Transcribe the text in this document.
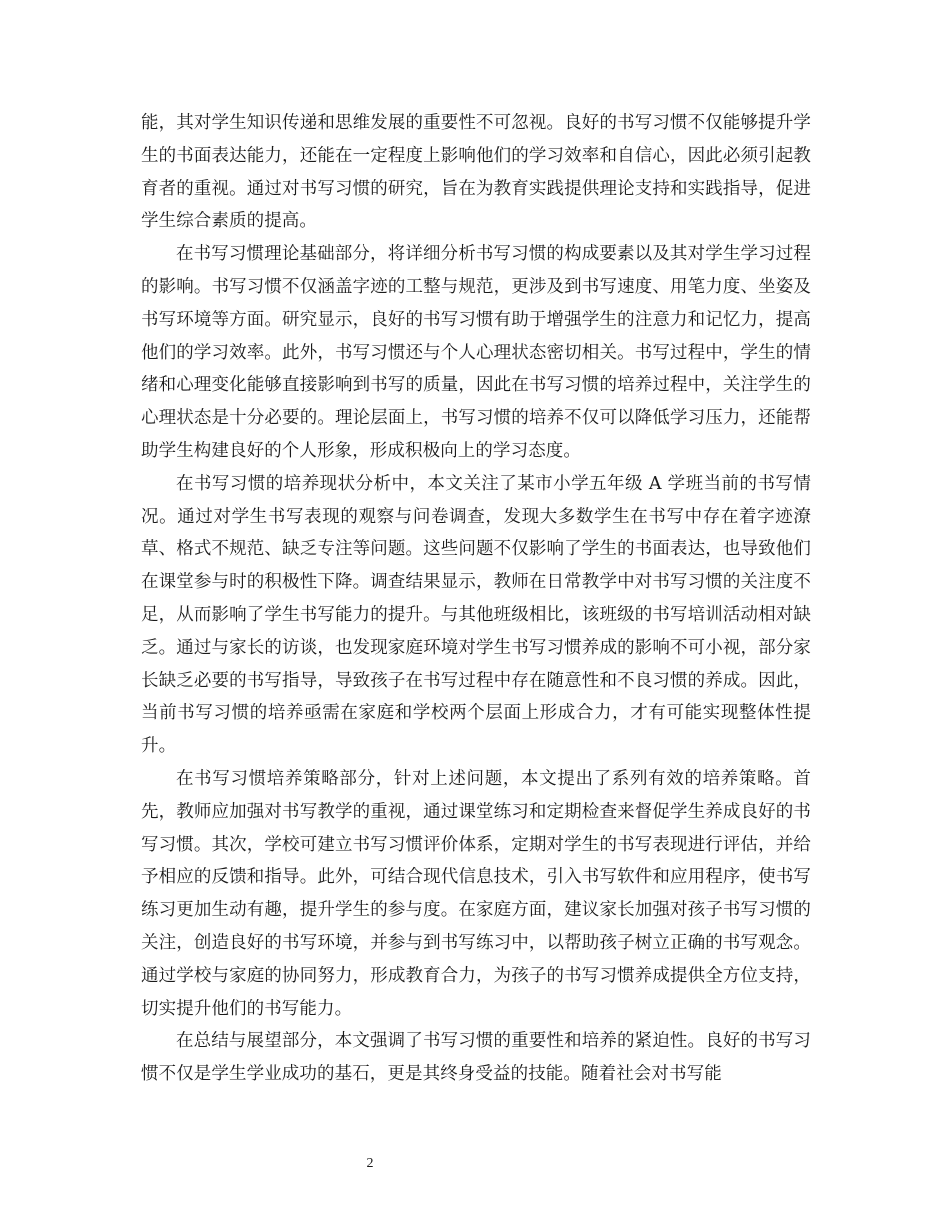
能，其对学生知识传递和思维发展的重要性不可忽视。良好的书写习惯不仅能够提升学生的书面表达能力，还能在一定程度上影响他们的学习效率和自信心，因此必须引起教育者的重视。通过对书写习惯的研究，旨在为教育实践提供理论支持和实践指导，促进学生综合素质的提高。

在书写习惯理论基础部分，将详细分析书写习惯的构成要素以及其对学生学习过程的影响。书写习惯不仅涵盖字迹的工整与规范，更涉及到书写速度、用笔力度、坐姿及书写环境等方面。研究显示，良好的书写习惯有助于增强学生的注意力和记忆力，提高他们的学习效率。此外，书写习惯还与个人心理状态密切相关。书写过程中，学生的情绪和心理变化能够直接影响到书写的质量，因此在书写习惯的培养过程中，关注学生的心理状态是十分必要的。理论层面上，书写习惯的培养不仅可以降低学习压力，还能帮助学生构建良好的个人形象，形成积极向上的学习态度。

在书写习惯的培养现状分析中，本文关注了某市小学五年级 A 学班当前的书写情况。通过对学生书写表现的观察与问卷调查，发现大多数学生在书写中存在着字迹潦草、格式不规范、缺乏专注等问题。这些问题不仅影响了学生的书面表达，也导致他们在课堂参与时的积极性下降。调查结果显示，教师在日常教学中对书写习惯的关注度不足，从而影响了学生书写能力的提升。与其他班级相比，该班级的书写培训活动相对缺乏。通过与家长的访谈，也发现家庭环境对学生书写习惯养成的影响不可小视，部分家长缺乏必要的书写指导，导致孩子在书写过程中存在随意性和不良习惯的养成。因此，当前书写习惯的培养亟需在家庭和学校两个层面上形成合力，才有可能实现整体性提升。

在书写习惯培养策略部分，针对上述问题，本文提出了系列有效的培养策略。首先，教师应加强对书写教学的重视，通过课堂练习和定期检查来督促学生养成良好的书写习惯。其次，学校可建立书写习惯评价体系，定期对学生的书写表现进行评估，并给予相应的反馈和指导。此外，可结合现代信息技术，引入书写软件和应用程序，使书写练习更加生动有趣，提升学生的参与度。在家庭方面，建议家长加强对孩子书写习惯的关注，创造良好的书写环境，并参与到书写练习中，以帮助孩子树立正确的书写观念。通过学校与家庭的协同努力，形成教育合力，为孩子的书写习惯养成提供全方位支持，切实提升他们的书写能力。

在总结与展望部分，本文强调了书写习惯的重要性和培养的紧迫性。良好的书写习惯不仅是学生学业成功的基石，更是其终身受益的技能。随着社会对书写能

2
